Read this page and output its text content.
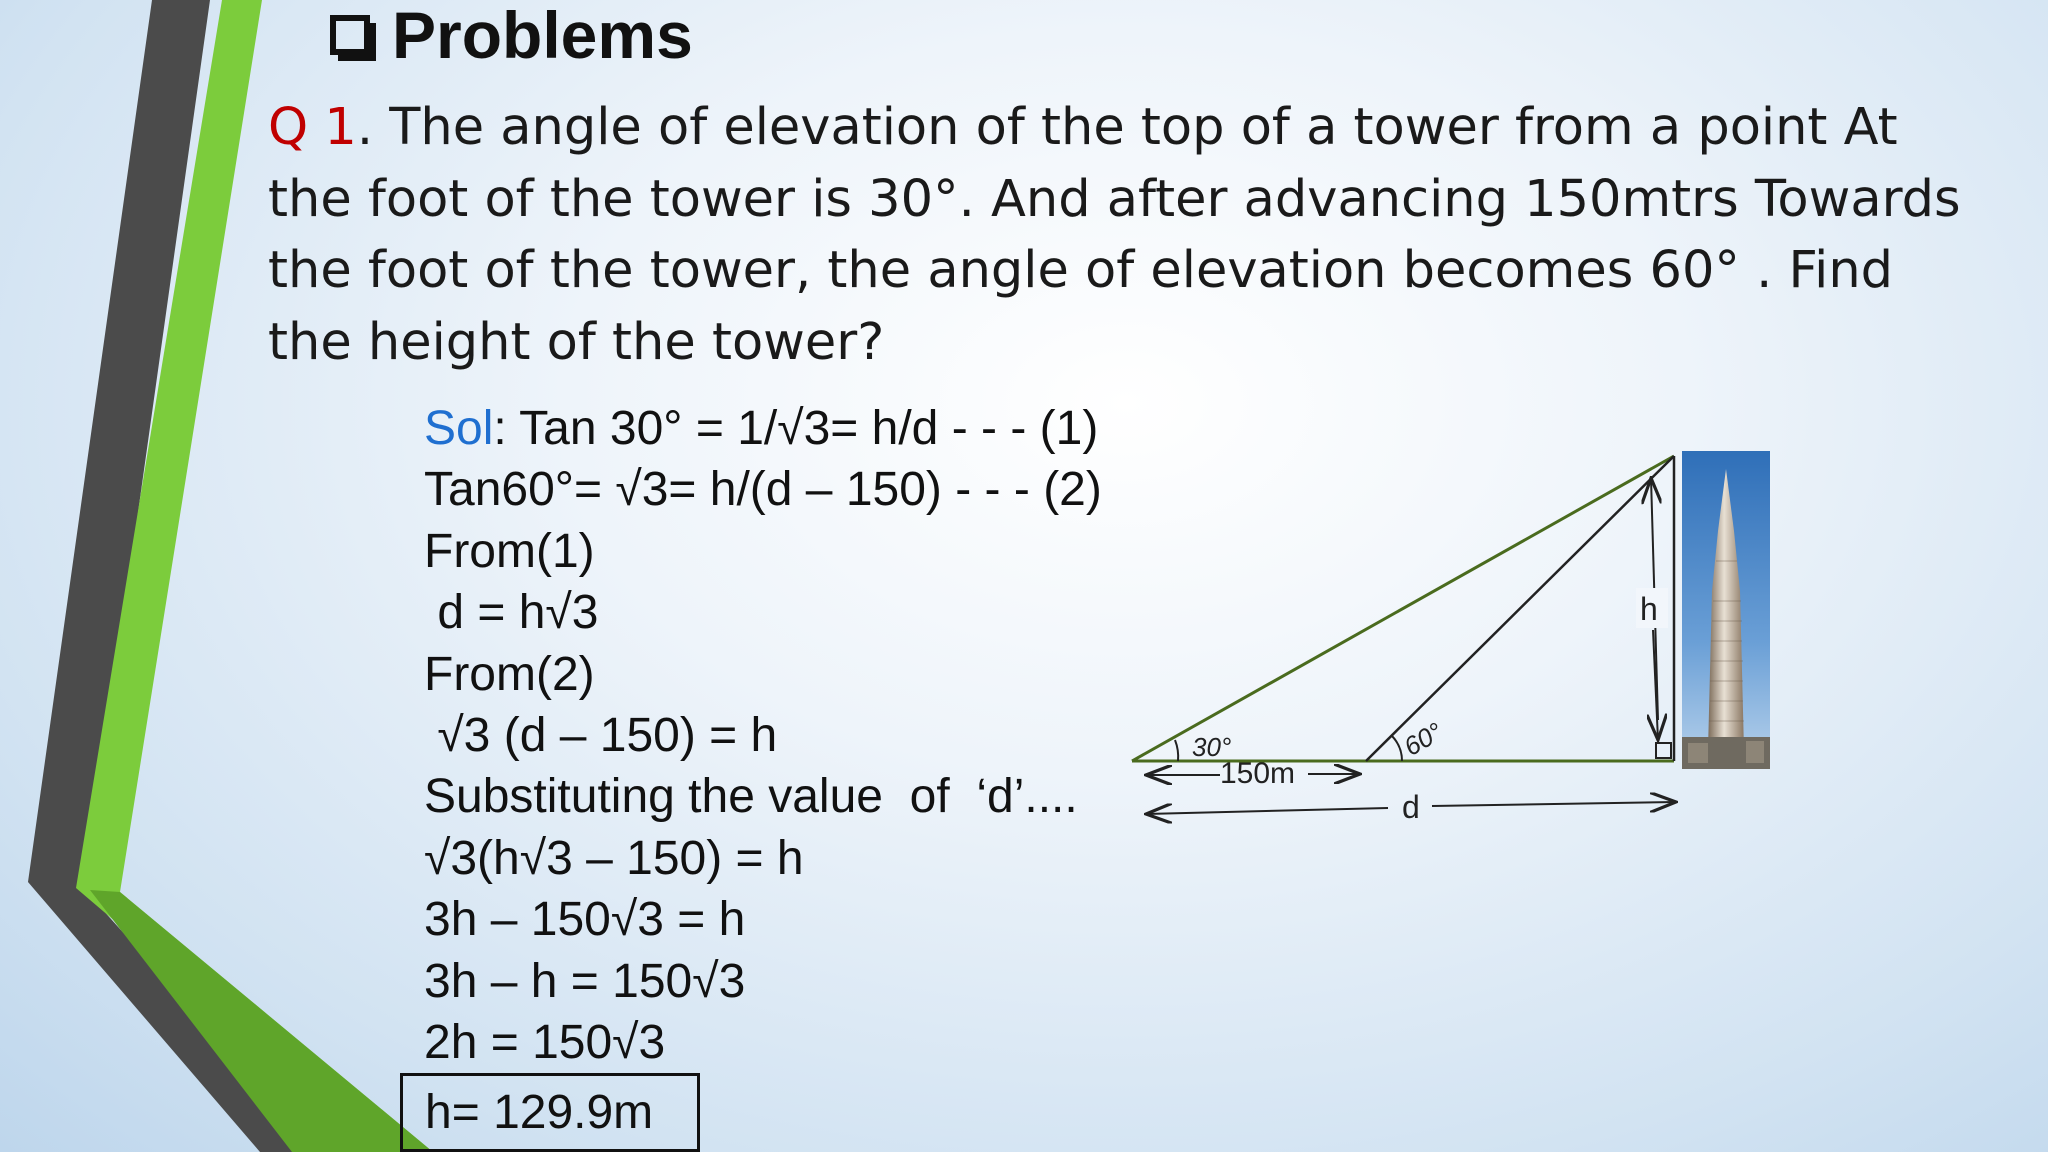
Problems
Q 1. The angle of elevation of the top of a tower from a point At the foot of the tower is 30°. And after advancing 150mtrs Towards the foot of the tower, the angle of elevation becomes 60° . Find the height of the tower?
Sol: Tan 30° = 1/√3= h/d - - - (1)
Tan60°= √3= h/(d – 150) - - - (2)
From(1)
d = h√3
From(2)
√3 (d – 150) = h
Substituting the value  of  ‘d’....
√3(h√3 – 150) = h
3h – 150√3 = h
3h – h = 150√3
2h = 150√3
h= 129.9m
30°	60°
h
150m
d
